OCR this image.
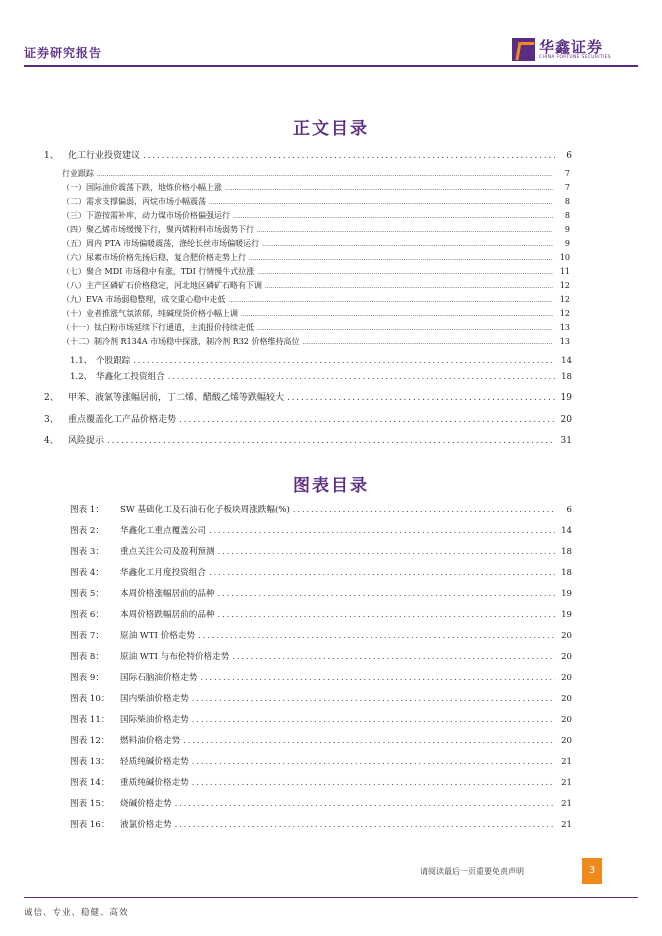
证券研究报告	华鑫证券
CHINA FORTUNE SECURITIES
正文目录
1、	化工行业投资建议 .....	6
行业跟踪 .....	7
（一）国际油价震荡下跌，地炼价格小幅上涨 .....	7
（二）需求支撑偏弱，丙烷市场小幅震荡 .....	8
（三）下游按需补库，动力煤市场价格偏强运行 .....	8
（四）聚乙烯市场缓慢下行，聚丙烯粉料市场弱势下行 .....	9
（五）周内 PTA 市场偏暖震荡，涤纶长丝市场偏暖运行 .....	9
（六）尿素市场价格先扬后稳，复合肥价格走势上行 .....	10
（七）聚合 MDI 市场稳中有涨，TDI 行情慢牛式拉涨 .....	11
（八）主产区磷矿石价格稳定，河北地区磷矿石略有下调 .....	12
（九）EVA 市场弱稳整理，成交重心稳中走低 .....	12
（十）业者推涨气氛浓郁，纯碱现货价格小幅上调 .....	12
（十一）钛白粉市场延续下行通道，主流报价持续走低 .....	13
（十二）制冷剂 R134A 市场稳中探涨，制冷剂 R32 价格维持高位 .....	13
1.1、 个股跟踪 .....	14
1.2、 华鑫化工投资组合 .....	18
2、	甲苯、液氯等涨幅居前，丁二烯、醋酸乙烯等跌幅较大 .....	19
3、	重点覆盖化工产品价格走势 .....	20
4、	风险提示 .....	31
图表目录
图表 1：	SW 基础化工及石油石化子板块周涨跌幅(%) .....	6
图表 2：	华鑫化工重点覆盖公司 .....	14
图表 3：	重点关注公司及盈利预测 .....	18
图表 4：	华鑫化工月度投资组合 .....	18
图表 5：	本周价格涨幅居前的品种 .....	19
图表 6：	本周价格跌幅居前的品种 .....	19
图表 7：	原油 WTI 价格走势 .....	20
图表 8：	原油 WTI 与布伦特价格走势 .....	20
图表 9：	国际石脑油价格走势 .....	20
图表 10：	国内柴油价格走势 .....	20
图表 11：	国际柴油价格走势 .....	20
图表 12：	燃料油价格走势 .....	20
图表 13：	轻质纯碱价格走势 .....	21
图表 14：	重质纯碱价格走势 .....	21
图表 15：	烧碱价格走势 .....	21
图表 16：	液氯价格走势 .....	21
请阅读最后一页重要免责声明	3
诚信、专业、稳健、高效
